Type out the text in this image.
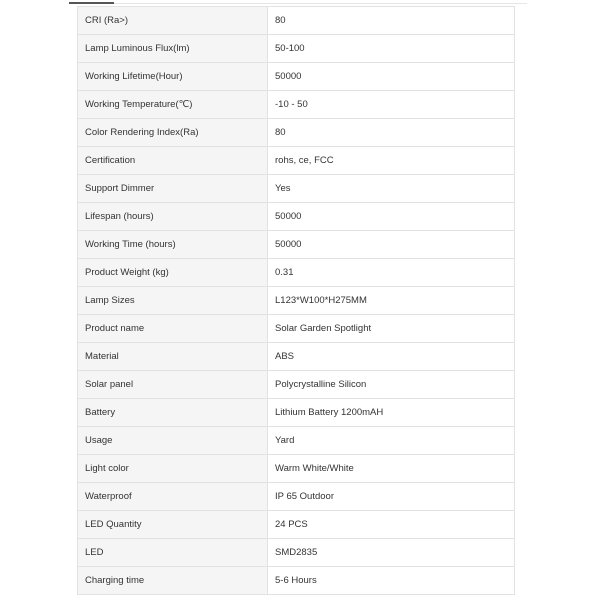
CRI (Ra>)	80
Lamp Luminous Flux(lm)	50-100
Working Lifetime(Hour)	50000
Working Temperature(℃)	-10 - 50
Color Rendering Index(Ra)	80
Certification	rohs, ce, FCC
Support Dimmer	Yes
Lifespan (hours)	50000
Working Time (hours)	50000
Product Weight (kg)	0.31
Lamp Sizes	L123*W100*H275MM
Product name	Solar Garden Spotlight
Material	ABS
Solar panel	Polycrystalline Silicon
Battery	Lithium Battery 1200mAH
Usage	Yard
Light color	Warm White/White
Waterproof	IP 65 Outdoor
LED Quantity	24 PCS
LED	SMD2835
Charging time	5-6 Hours
